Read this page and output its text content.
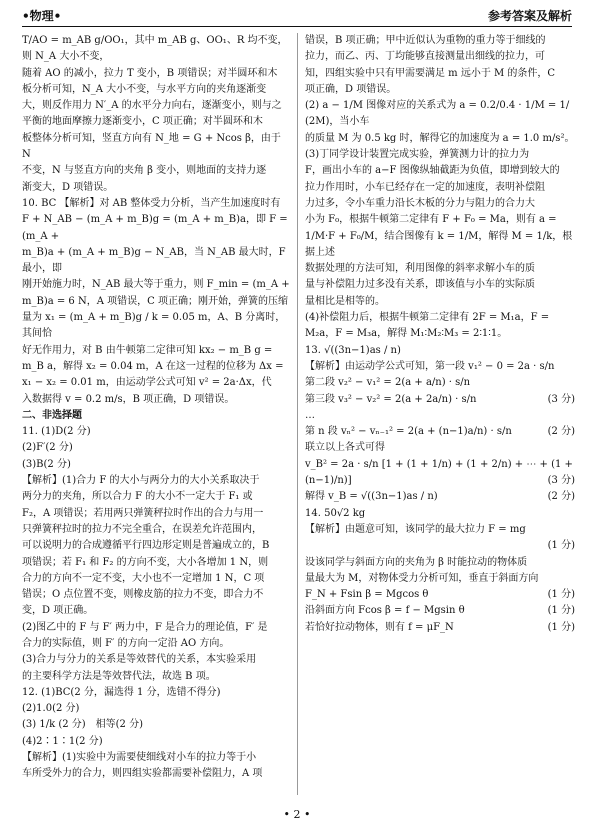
•物理•	参考答案及解析
T/AO = m_AB g/OO₁，其中 m_AB g、OO₁、R 均不变，则 N_A 大小不变，
随着 AO 的减小，拉力 T 变小，B 项错误；对半圆环和木
板分析可知，N_A 大小不变，与水平方向的夹角逐渐变
大，则反作用力 N′_A 的水平分力向右，逐渐变小，则与之
平衡的地面摩擦力逐渐变小，C 项正确；对半圆环和木
板整体分析可知，竖直方向有 N_地 = G + Ncos β，由于 N
不变，N 与竖直方向的夹角 β 变小，则地面的支持力逐
渐变大，D 项错误。
10. BC 【解析】对 AB 整体受力分析，当产生加速度时有
F + N_AB − (m_A + m_B)g = (m_A + m_B)a，即 F = (m_A +
m_B)a + (m_A + m_B)g − N_AB，当 N_AB 最大时，F 最小，即
刚开始施力时，N_AB 最大等于重力，则 F_min = (m_A +
m_B)a = 6 N，A 项错误，C 项正确；刚开始，弹簧的压缩
量为 x₁ = (m_A + m_B)g / k = 0.05 m，A、B 分离时，其间恰
好无作用力，对 B 由牛顿第二定律可知 kx₂ − m_B g =
m_B a，解得 x₂ = 0.04 m，A 在这一过程的位移为 Δx =
x₁ − x₂ = 0.01 m，由运动学公式可知 v² = 2a·Δx，代
入数据得 v = 0.2 m/s，B 项正确，D 项错误。
二、非选择题
11. (1)D(2 分)
(2)F′(2 分)
(3)B(2 分)
【解析】(1)合力 F 的大小与两分力的大小关系取决于
两分力的夹角，所以合力 F 的大小不一定大于 F₁ 或
F₂，A 项错误；若用两只弹簧秤拉时作出的合力与用一
只弹簧秤拉时的拉力不完全重合，在误差允许范围内，
可以说明力的合成遵循平行四边形定则是普遍成立的，B
项错误；若 F₁ 和 F₂ 的方向不变，大小各增加 1 N，则
合力的方向不一定不变，大小也不一定增加 1 N，C 项
错误；O 点位置不变，则橡皮筋的拉力不变，即合力不
变，D 项正确。
(2)图乙中的 F 与 F′ 两力中，F 是合力的理论值，F′ 是
合力的实际值，则 F′ 的方向一定沿 AO 方向。
(3)合力与分力的关系是等效替代的关系，本实验采用
的主要科学方法是等效替代法，故选 B 项。
12. (1)BC(2 分，漏选得 1 分，选错不得分)
(2)1.0(2 分)
(3) 1/k (2 分)　相等(2 分)
(4)2∶1∶1(2 分)
【解析】(1)实验中为需要使细线对小车的拉力等于小
车所受外力的合力，则四组实验都需要补偿阻力，A 项
错误，B 项正确；甲中近似认为重物的重力等于细线的
拉力，而乙、丙、丁均能够直接测量出细线的拉力，可
知，四组实验中只有甲需要满足 m 远小于 M 的条件，C
项正确，D 项错误。
(2) a − 1/M 图像对应的关系式为 a = 0.2/0.4 · 1/M = 1/(2M)，当小车
的质量 M 为 0.5 kg 时，解得它的加速度为 a = 1.0 m/s²。
(3)丁同学设计装置完成实验，弹簧测力计的拉力为
F，画出小车的 a−F 图像纵轴截距为负值，即增到较大的
拉力作用时，小车已经存在一定的加速度，表明补偿阻
力过多，令小车重力沿长木板的分力与阻力的合力大
小为 F₀，根据牛顿第二定律有 F + F₀ = Ma，则有 a =
1/M·F + F₀/M，结合图像有 k = 1/M，解得 M = 1/k，根据上述
数据处理的方法可知，利用图像的斜率求解小车的质
量与补偿阻力过多没有关系，即该值与小车的实际质
量相比是相等的。
(4)补偿阻力后，根据牛顿第二定律有 2F = M₁a，F =
M₂a，F = M₃a，解得 M₁∶M₂∶M₃ = 2∶1∶1。
13. √((3n−1)as / n)
【解析】由运动学公式可知，第一段 v₁² − 0 = 2a · s/n
第二段 v₂² − v₁² = 2(a + a/n) · s/n
第三段 v₃² − v₂² = 2(a + 2a/n) · s/n	(3 分)
…
第 n 段 vₙ² − vₙ₋₁² = 2(a + (n−1)a/n) · s/n	(2 分)
联立以上各式可得
v_B² = 2a · s/n [1 + (1 + 1/n) + (1 + 2/n) + ⋯ + (1 +
(n−1)/n)]	(3 分)
解得 v_B = √((3n−1)as / n)	(2 分)
14. 50√2 kg
【解析】由题意可知，该同学的最大拉力 F = mg
(1 分)
设该同学与斜面方向的夹角为 β 时能拉动的物体质
量最大为 M，对物体受力分析可知，垂直于斜面方向
F_N + Fsin β = Mgcos θ	(1 分)
沿斜面方向 Fcos β = f − Mgsin θ	(1 分)
若恰好拉动物体，则有 f = μF_N	(1 分)
• 2 •
